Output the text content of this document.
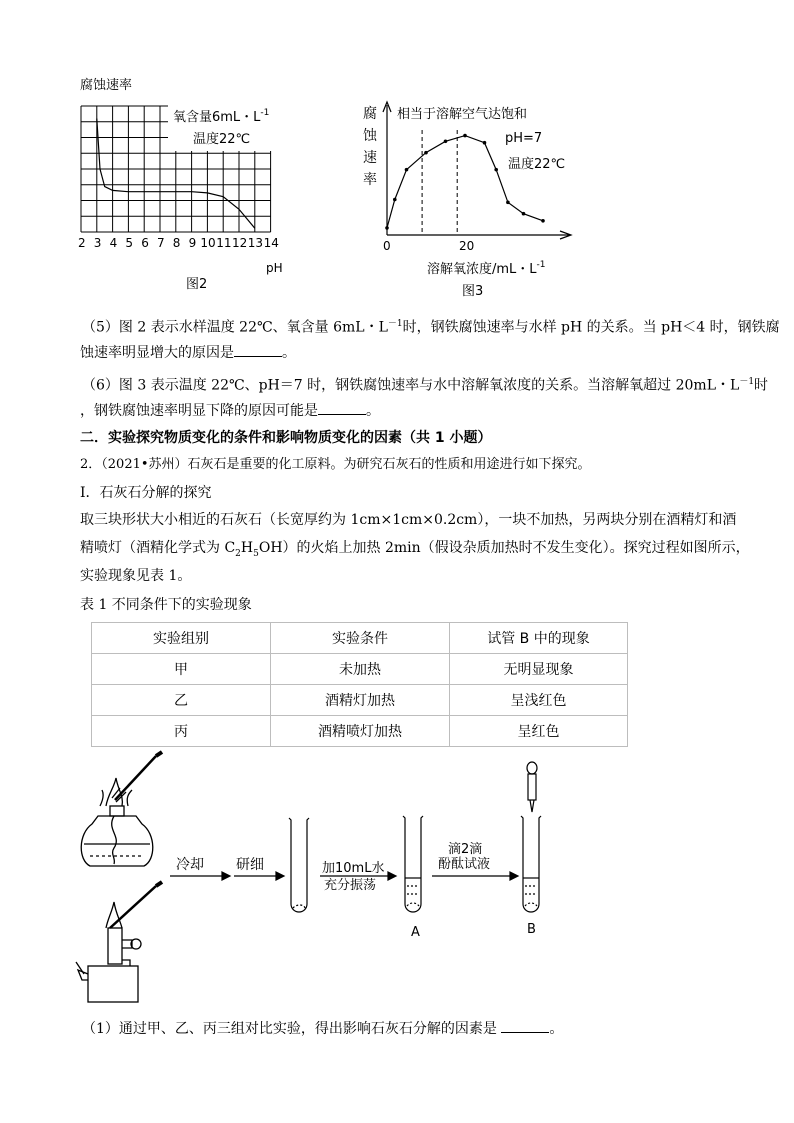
腐蚀速率
氧含量6mL・$L^{-1}$
温度22℃
2 3 4 5 6 7 8 9 10 11 12 13 14
pH
图2
腐
蚀
速
率
相当于溶解空气达饱和
pH=7
温度22℃
0	20
溶解氧浓度/mL・$L^{-1}$
图3
（5）图 2 表示水样温度 22℃、氧含量 6mL・$L^{-1}$时，钢铁腐蚀速率与水样 pH 的关系。当 pH＜4 时，钢铁腐
蚀速率明显增大的原因是	。
（6）图 3 表示温度 22℃、pH＝7 时，钢铁腐蚀速率与水中溶解氧浓度的关系。当溶解氧超过 20mL・$L^{-1}$时
，钢铁腐蚀速率明显下降的原因可能是	。
二．实验探究物质变化的条件和影响物质变化的因素（共 1 小题）
2．（2021•苏州）石灰石是重要的化工原料。为研究石灰石的性质和用途进行如下探究。
Ⅰ．石灰石分解的探究
取三块形状大小相近的石灰石（长宽厚约为 1cm×1cm×0.2cm），一块不加热，另两块分别在酒精灯和酒
精喷灯（酒精化学式为 $C_2H_5OH$）的火焰上加热 2min（假设杂质加热时不发生变化）。探究过程如图所示，
实验现象见表 1。
表 1 不同条件下的实验现象
实验组别	实验条件	试管 B 中的现象
甲	未加热	无明显现象
乙	酒精灯加热	呈浅红色
丙	酒精喷灯加热	呈红色
冷却 研细	加10mL水
充分振荡
滴2滴
酚酞试液
A	B
（1）通过甲、乙、丙三组对比实验，得出影响石灰石分解的因素是	。
